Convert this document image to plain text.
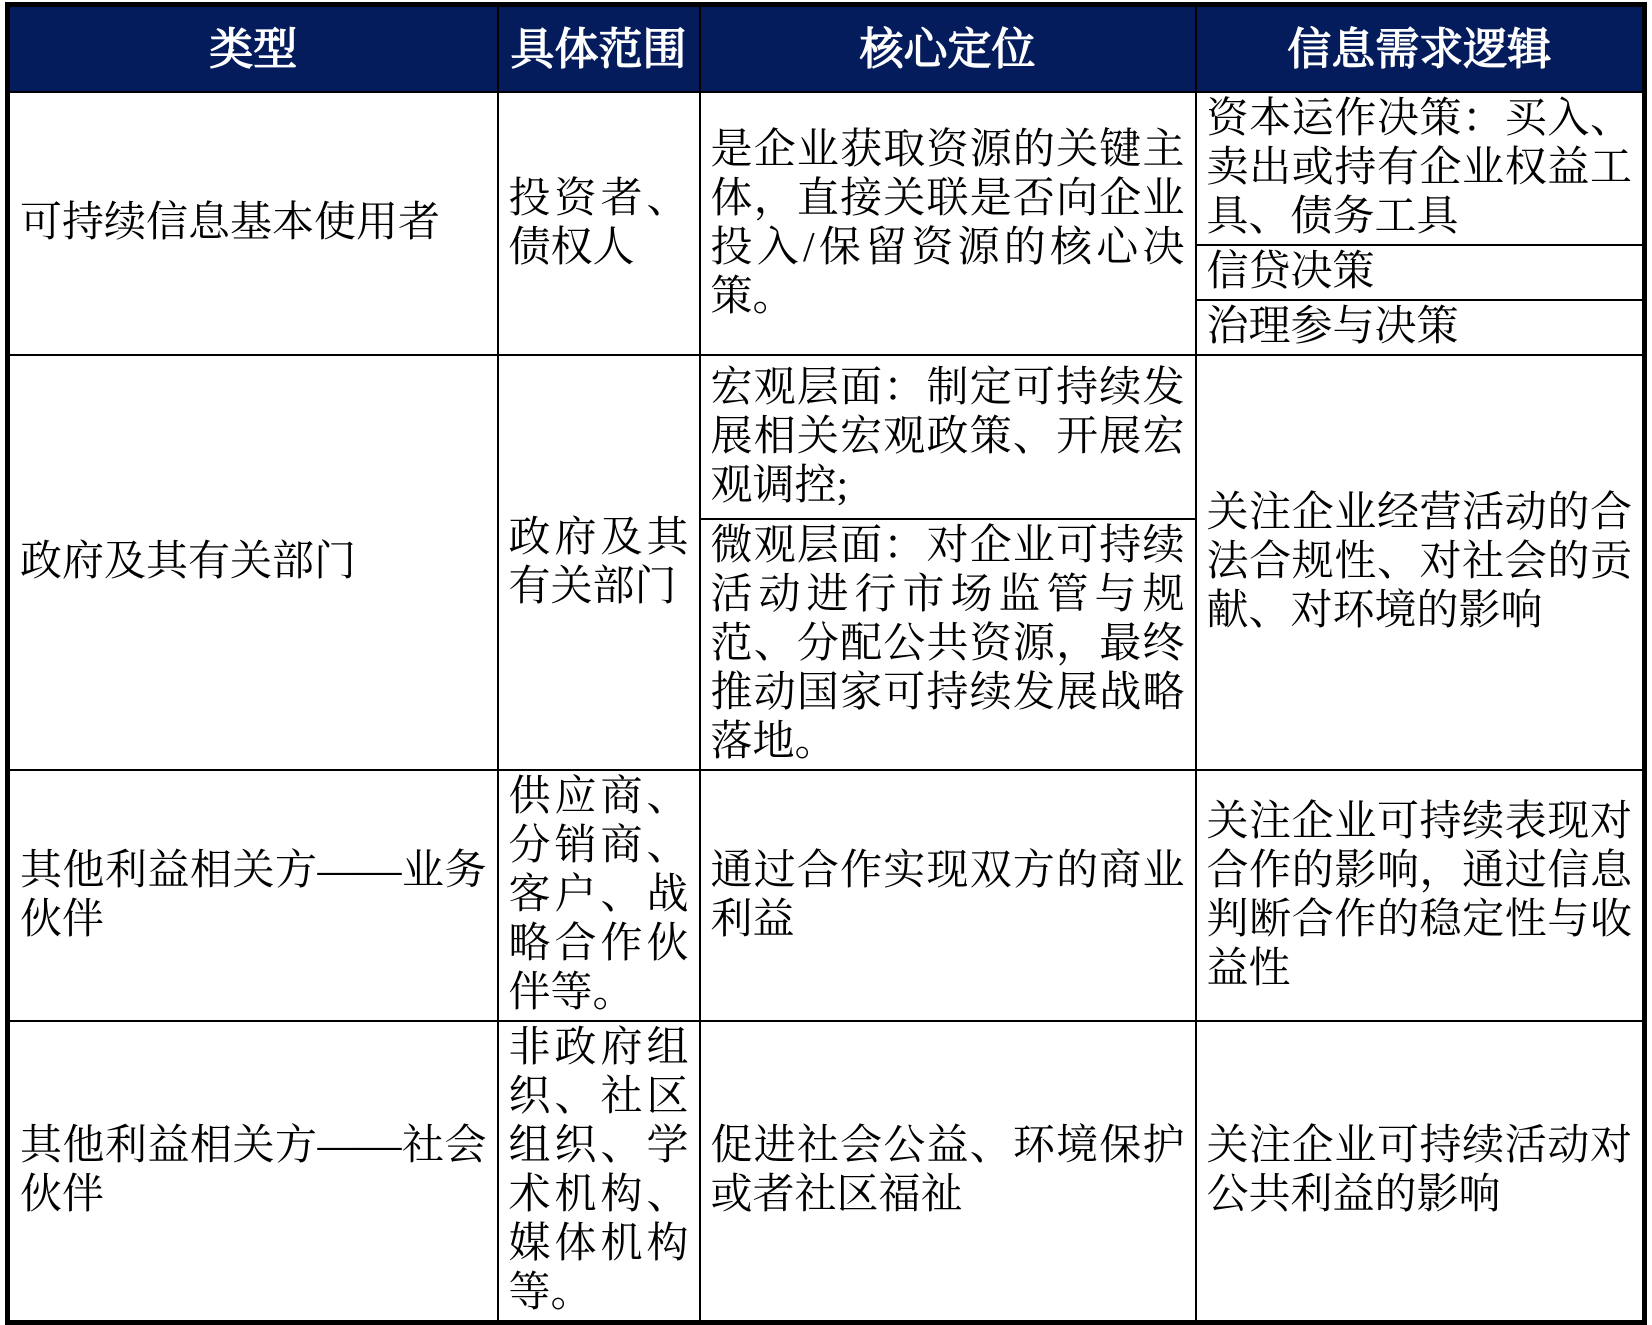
类型	具体范围	核心定位	信息需求逻辑
可持续信息基本使用者	投资者、债权人	是企业获取资源的关键主体，直接关联是否向企业投入/保留资源的核心决策。	资本运作决策：买入、卖出或持有企业权益工具、债务工具
			信贷决策
			治理参与决策
政府及其有关部门	政府及其有关部门	宏观层面：制定可持续发展相关宏观政策、开展宏观调控;	关注企业经营活动的合法合规性、对社会的贡献、对环境的影响
		微观层面：对企业可持续活动进行市场监管与规范、分配公共资源，最终推动国家可持续发展战略落地。	
其他利益相关方——业务伙伴	供应商、分销商、客户、战略合作伙伴等。	通过合作实现双方的商业利益	关注企业可持续表现对合作的影响，通过信息判断合作的稳定性与收益性
其他利益相关方——社会伙伴	非政府组织、社区组织、学术机构、媒体机构等。	促进社会公益、环境保护或者社区福祉	关注企业可持续活动对公共利益的影响
